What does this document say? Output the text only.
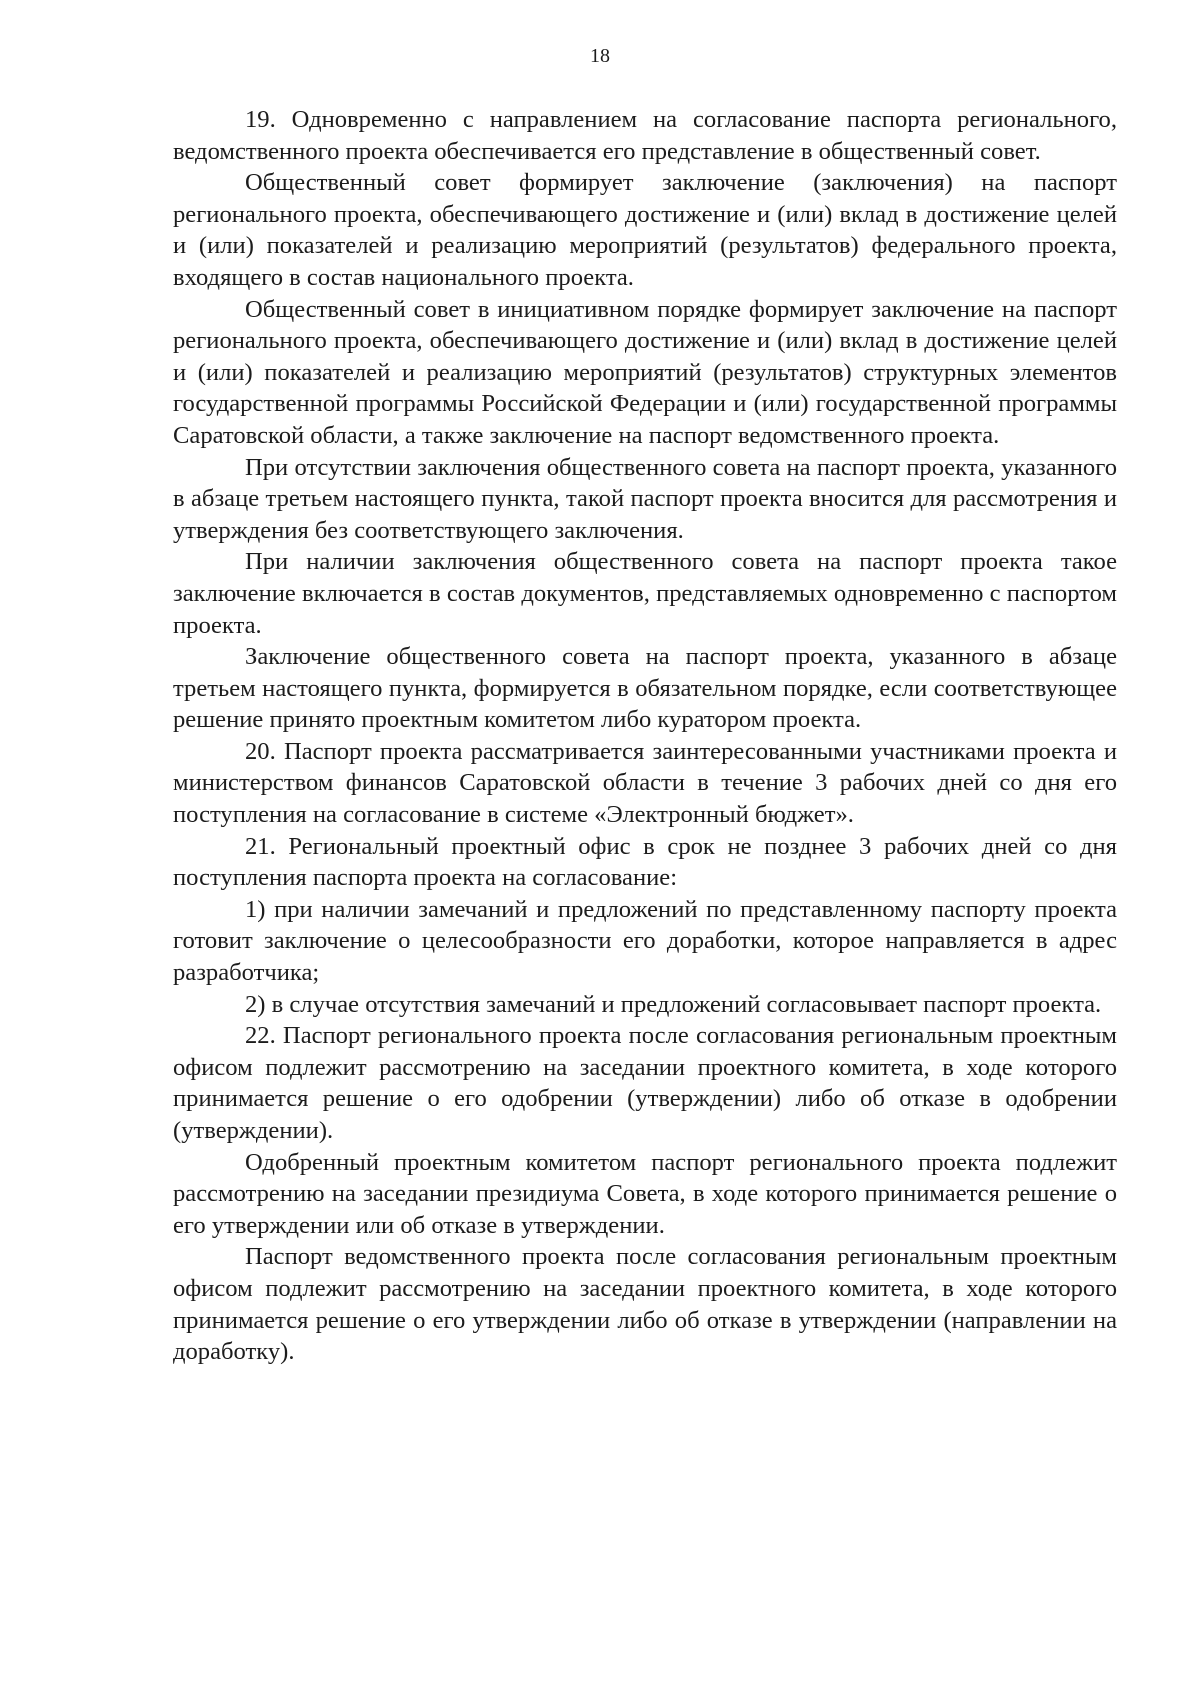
18

19. Одновременно с направлением на согласование паспорта регионального, ведомственного проекта обеспечивается его представление в общественный совет.

Общественный совет формирует заключение (заключения) на паспорт регионального проекта, обеспечивающего достижение и (или) вклад в достижение целей и (или) показателей и реализацию мероприятий (результатов) федерального проекта, входящего в состав национального проекта.

Общественный совет в инициативном порядке формирует заключение на паспорт регионального проекта, обеспечивающего достижение и (или) вклад в достижение целей и (или) показателей и реализацию мероприятий (результатов) структурных элементов государственной программы Российской Федерации и (или) государственной программы Саратовской области, а также заключение на паспорт ведомственного проекта.

При отсутствии заключения общественного совета на паспорт проекта, указанного в абзаце третьем настоящего пункта, такой паспорт проекта вносится для рассмотрения и утверждения без соответствующего заключения.

При наличии заключения общественного совета на паспорт проекта такое заключение включается в состав документов, представляемых одновременно с паспортом проекта.

Заключение общественного совета на паспорт проекта, указанного в абзаце третьем настоящего пункта, формируется в обязательном порядке, если соответствующее решение принято проектным комитетом либо куратором проекта.

20. Паспорт проекта рассматривается заинтересованными участниками проекта и министерством финансов Саратовской области в течение 3 рабочих дней со дня его поступления на согласование в системе «Электронный бюджет».

21. Региональный проектный офис в срок не позднее 3 рабочих дней со дня поступления паспорта проекта на согласование:

1) при наличии замечаний и предложений по представленному паспорту проекта готовит заключение о целесообразности его доработки, которое направляется в адрес разработчика;

2) в случае отсутствия замечаний и предложений согласовывает паспорт проекта.

22. Паспорт регионального проекта после согласования региональным проектным офисом подлежит рассмотрению на заседании проектного комитета, в ходе которого принимается решение о его одобрении (утверждении) либо об отказе в одобрении (утверждении).

Одобренный проектным комитетом паспорт регионального проекта подлежит рассмотрению на заседании президиума Совета, в ходе которого принимается решение о его утверждении или об отказе в утверждении.

Паспорт ведомственного проекта после согласования региональным проектным офисом подлежит рассмотрению на заседании проектного комитета, в ходе которого принимается решение о его утверждении либо об отказе в утверждении (направлении на доработку).
